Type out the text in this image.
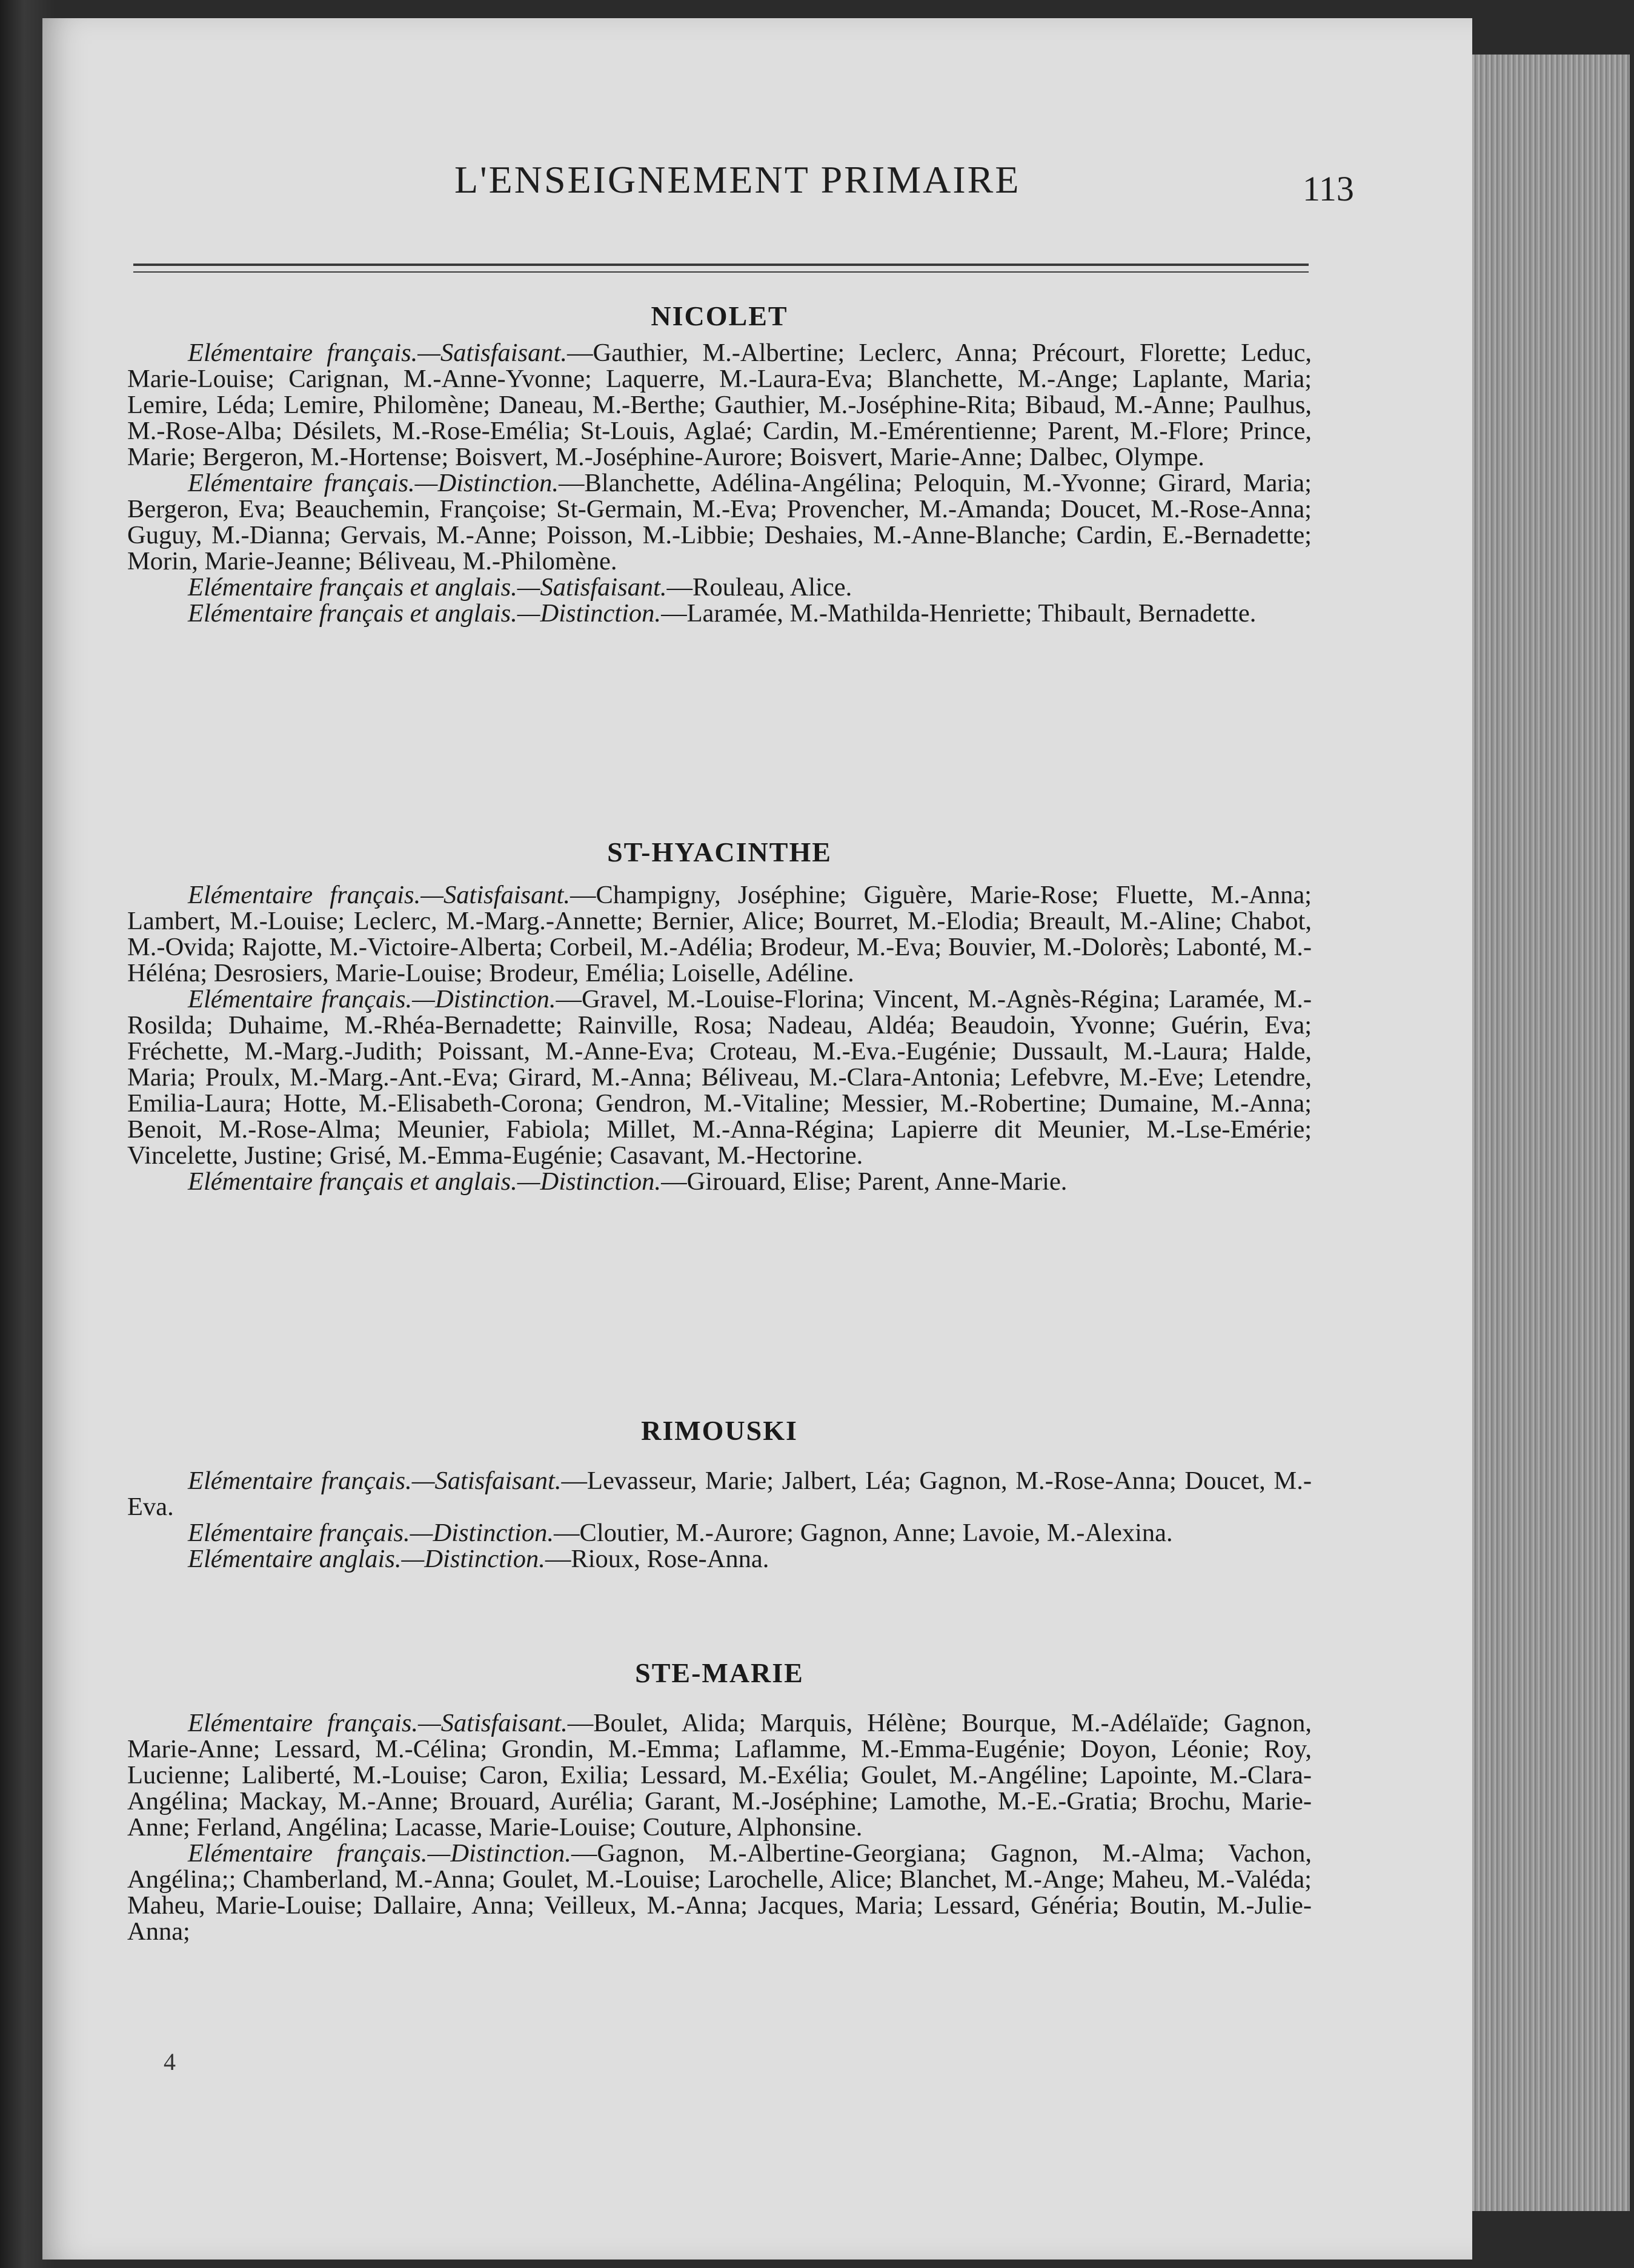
L'ENSEIGNEMENT PRIMAIRE	113
NICOLET

Elémentaire français.—Satisfaisant.—Gauthier, M.-Albertine; Leclerc, Anna; Précourt, Florette; Leduc, Marie-Louise; Carignan, M.-Anne-Yvonne; Laquerre, M.-Laura-Eva; Blanchette, M.-Ange; Laplante, Maria; Lemire, Léda; Lemire, Philomène; Daneau, M.-Berthe; Gauthier, M.-Joséphine-Rita; Bibaud, M.-Anne; Paulhus, M.-Rose-Alba; Désilets, M.-Rose-Emélia; St-Louis, Aglaé; Cardin, M.-Emérentienne; Parent, M.-Flore; Prince, Marie; Bergeron, M.-Hortense; Boisvert, M.-Joséphine-Aurore; Boisvert, Marie-Anne; Dalbec, Olympe.

Elémentaire français.—Distinction.—Blanchette, Adélina-Angélina; Peloquin, M.-Yvonne; Girard, Maria; Bergeron, Eva; Beauchemin, Françoise; St-Germain, M.-Eva; Provencher, M.-Amanda; Doucet, M.-Rose-Anna; Guguy, M.-Dianna; Gervais, M.-Anne; Poisson, M.-Libbie; Deshaies, M.-Anne-Blanche; Cardin, E.-Bernadette; Morin, Marie-Jeanne; Béliveau, M.-Philomène.

Elémentaire français et anglais.—Satisfaisant.—Rouleau, Alice.

Elémentaire français et anglais.—Distinction.—Laramée, M.-Mathilda-Henriette; Thibault, Bernadette.

ST-HYACINTHE

Elémentaire français.—Satisfaisant.—Champigny, Joséphine; Giguère, Marie-Rose; Fluette, M.-Anna; Lambert, M.-Louise; Leclerc, M.-Marg.-Annette; Bernier, Alice; Bourret, M.-Elodia; Breault, M.-Aline; Chabot, M.-Ovida; Rajotte, M.-Victoire-Alberta; Corbeil, M.-Adélia; Brodeur, M.-Eva; Bouvier, M.-Dolorès; Labonté, M.-Héléna; Desrosiers, Marie-Louise; Brodeur, Emélia; Loiselle, Adéline.

Elémentaire français.—Distinction.—Gravel, M.-Louise-Florina; Vincent, M.-Agnès-Régina; Laramée, M.-Rosilda; Duhaime, M.-Rhéa-Bernadette; Rainville, Rosa; Nadeau, Aldéa; Beaudoin, Yvonne; Guérin, Eva; Fréchette, M.-Marg.-Judith; Poissant, M.-Anne-Eva; Croteau, M.-Eva.-Eugénie; Dussault, M.-Laura; Halde, Maria; Proulx, M.-Marg.-Ant.-Eva; Girard, M.-Anna; Béliveau, M.-Clara-Antonia; Lefebvre, M.-Eve; Letendre, Emilia-Laura; Hotte, M.-Elisabeth-Corona; Gendron, M.-Vitaline; Messier, M.-Robertine; Dumaine, M.-Anna; Benoit, M.-Rose-Alma; Meunier, Fabiola; Millet, M.-Anna-Régina; Lapierre dit Meunier, M.-Lse-Emérie; Vincelette, Justine; Grisé, M.-Emma-Eugénie; Casavant, M.-Hectorine.

Elémentaire français et anglais.—Distinction.—Girouard, Elise; Parent, Anne-Marie.

RIMOUSKI

Elémentaire français.—Satisfaisant.—Levasseur, Marie; Jalbert, Léa; Gagnon, M.-Rose-Anna; Doucet, M.-Eva.

Elémentaire français.—Distinction.—Cloutier, M.-Aurore; Gagnon, Anne; Lavoie, M.-Alexina.

Elémentaire anglais.—Distinction.—Rioux, Rose-Anna.

STE-MARIE

Elémentaire français.—Satisfaisant.—Boulet, Alida; Marquis, Hélène; Bourque, M.-Adélaïde; Gagnon, Marie-Anne; Lessard, M.-Célina; Grondin, M.-Emma; Laflamme, M.-Emma-Eugénie; Doyon, Léonie; Roy, Lucienne; Laliberté, M.-Louise; Caron, Exilia; Lessard, M.-Exélia; Goulet, M.-Angéline; Lapointe, M.-Clara-Angélina; Mackay, M.-Anne; Brouard, Aurélia; Garant, M.-Joséphine; Lamothe, M.-E.-Gratia; Brochu, Marie-Anne; Ferland, Angélina; Lacasse, Marie-Louise; Couture, Alphonsine.

Elémentaire français.—Distinction.—Gagnon, M.-Albertine-Georgiana; Gagnon, M.-Alma; Vachon, Angélina;; Chamberland, M.-Anna; Goulet, M.-Louise; Larochelle, Alice; Blanchet, M.-Ange; Maheu, M.-Valéda; Maheu, Marie-Louise; Dallaire, Anna; Veilleux, M.-Anna; Jacques, Maria; Lessard, Généria; Boutin, M.-Julie-Anna;

4
